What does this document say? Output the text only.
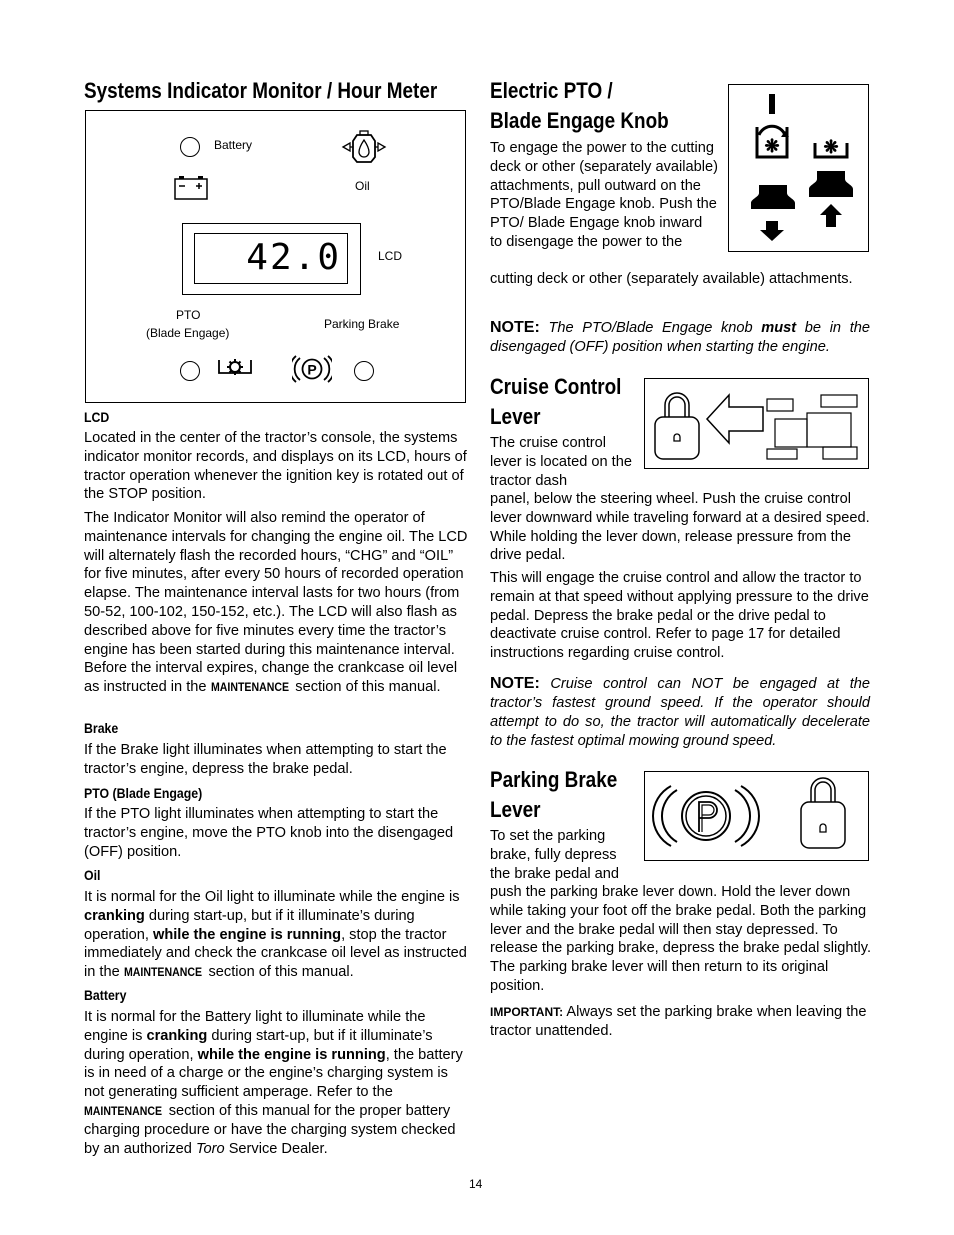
Systems Indicator Monitor / Hour Meter
Battery
Oil
42.0	LCD
PTO
(Blade Engage)
Parking Brake
P
LCD

Located in the center of the tractor’s console, the systems indicator monitor records, and displays on its LCD, hours of tractor operation whenever the ignition key is rotated out of the STOP position.

The Indicator Monitor will also remind the operator of maintenance intervals for changing the engine oil. The LCD will alternately flash the recorded hours, “CHG” and “OIL” for five minutes, after every 50 hours of recorded operation elapse. The maintenance interval lasts for two hours (from 50-52, 100-102, 150-152, etc.). The LCD will also flash as described above for five minutes every time the tractor’s engine has been started during this maintenance interval. Before the interval expires, change the crankcase oil level as instructed in the MAINTENANCE section of this manual.

Brake

If the Brake light illuminates when attempting to start the tractor’s engine, depress the brake pedal.

PTO (Blade Engage)

If the PTO light illuminates when attempting to start the tractor’s engine, move the PTO knob into the disengaged (OFF) position.

Oil

It is normal for the Oil light to illuminate while the engine is cranking during start-up, but if it illuminate’s during operation, while the engine is running, stop the tractor immediately and check the crankcase oil level as instructed in the MAINTENANCE section of this manual.

Battery

It is normal for the Battery light to illuminate while the engine is cranking during start-up, but if it illuminate’s during operation, while the engine is running, the battery is in need of a charge or the engine’s charging system is not generating sufficient amperage. Refer to the MAINTENANCE section of this manual for the proper battery charging procedure or have the charging system checked by an authorized Toro Service Dealer.

Electric PTO /
Blade Engage Knob
❋ ❋

To engage the power to the cutting deck or other (separately available) attachments, pull outward on the PTO/Blade Engage knob. Push the PTO/ Blade Engage knob inward to disengage the power to the

cutting deck or other (separately available) attachments.

NOTE: The PTO/Blade Engage knob must be in the disengaged (OFF) position when starting the engine.

Cruise Control
Lever

The cruise control lever is located on the tractor dash

panel, below the steering wheel. Push the cruise control lever downward while traveling forward at a desired speed. While holding the lever down, release pressure from the drive pedal.

This will engage the cruise control and allow the tractor to remain at that speed without applying pressure to the drive pedal. Depress the brake pedal or the drive pedal to deactivate cruise control. Refer to page 17 for detailed instructions regarding cruise control.

NOTE: Cruise control can NOT be engaged at the tractor’s fastest ground speed. If the operator should attempt to do so, the tractor will automatically decelerate to the fastest optimal mowing ground speed.

Parking Brake
Lever

To set the parking brake, fully depress the brake pedal and

push the parking brake lever down. Hold the lever down while taking your foot off the brake pedal. Both the parking lever and the brake pedal will then stay depressed. To release the parking brake, depress the brake pedal slightly. The parking brake lever will then return to its original position.

IMPORTANT: Always set the parking brake when leaving the tractor unattended.

14
